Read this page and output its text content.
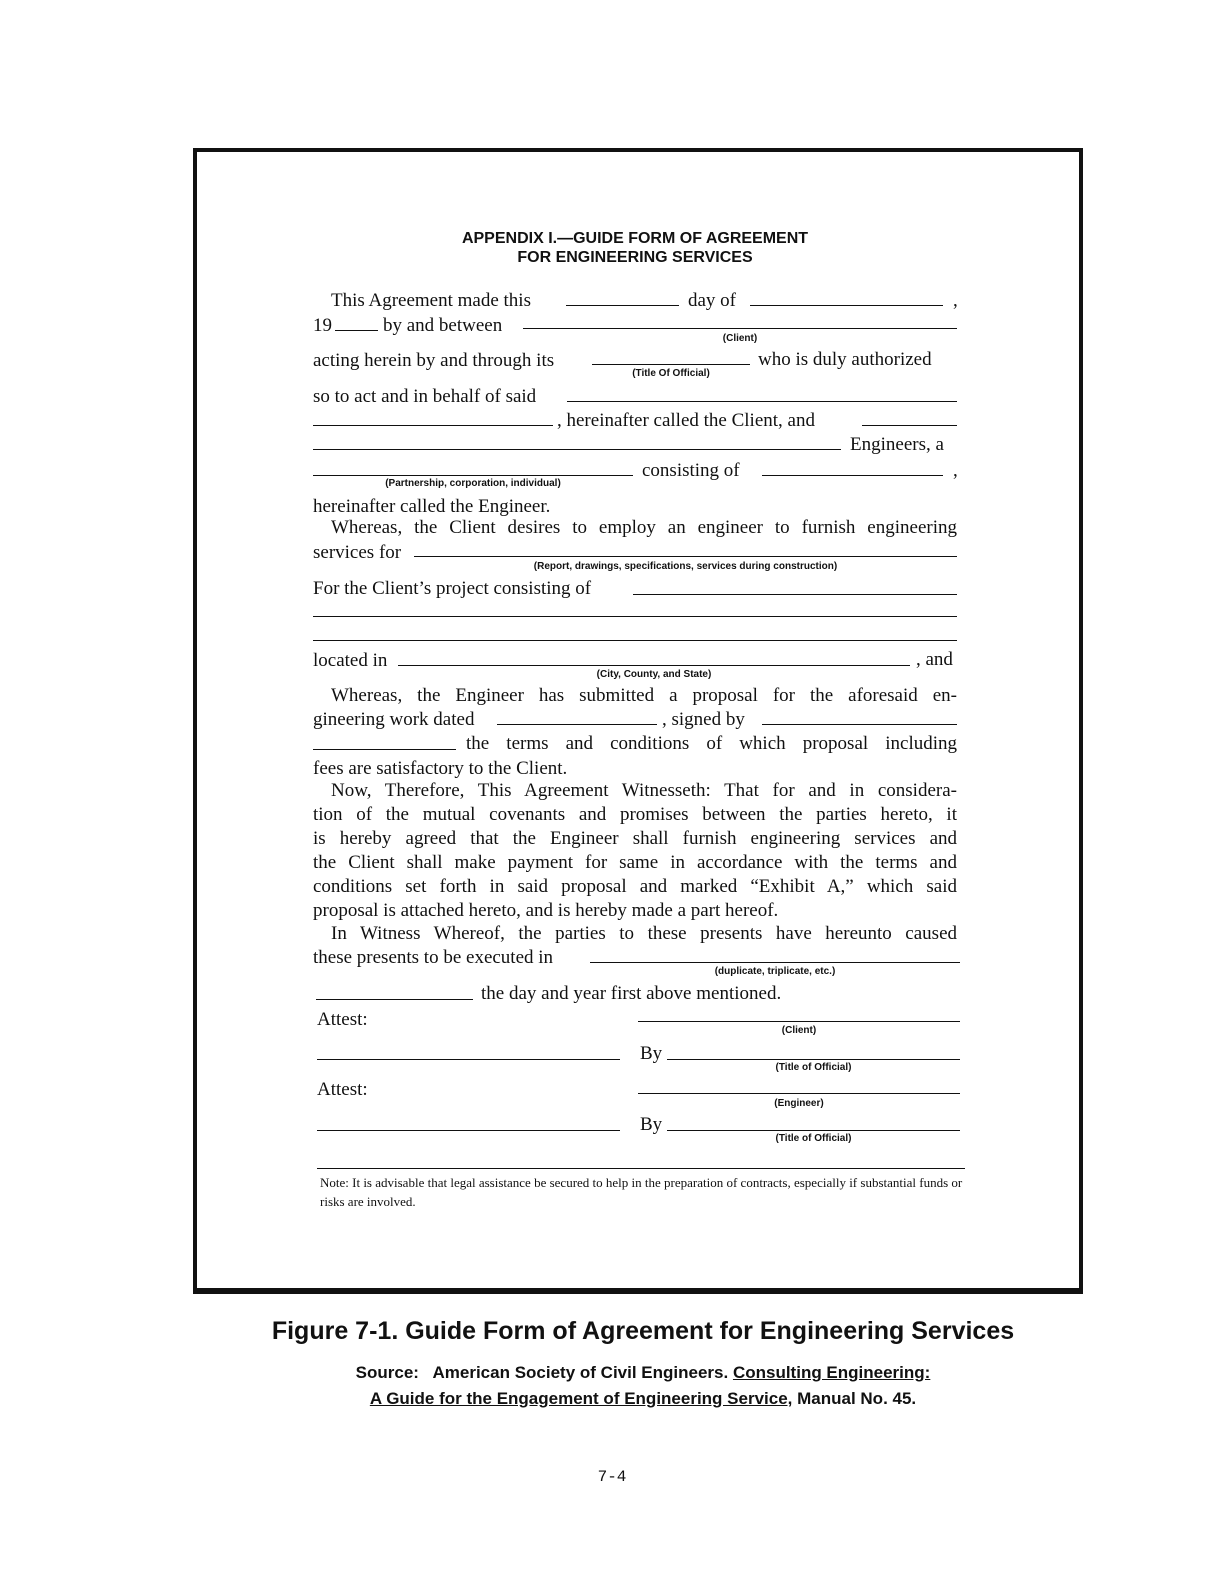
APPENDIX I.—GUIDE FORM OF AGREEMENT
FOR ENGINEERING SERVICES
This Agreement made this	day of	,
19	by and between
(Client)
acting herein by and through its
(Title Of Official)
who is duly authorized
so to act and in behalf of said
, hereinafter called the Client, and
Engineers, a
(Partnership, corporation, individual)
consisting of	,
hereinafter called the Engineer.
Whereas, the Client desires to employ an engineer to furnish engineering
services for
(Report, drawings, specifications, services during construction)
For the Client’s project consisting of
located in
(City, County, and State)
, and
Whereas, the Engineer has submitted a proposal for the aforesaid en-
gineering work dated	, signed by
the terms and conditions of which proposal including
fees are satisfactory to the Client.
Now, Therefore, This Agreement Witnesseth: That for and in considera-
tion of the mutual covenants and promises between the parties hereto, it
is hereby agreed that the Engineer shall furnish engineering services and
the Client shall make payment for same in accordance with the terms and
conditions set forth in said proposal and marked “Exhibit A,” which said
proposal is attached hereto, and is hereby made a part hereof.
In Witness Whereof, the parties to these presents have hereunto caused
these presents to be executed in
(duplicate, triplicate, etc.)
the day and year first above mentioned.
Attest:
(Client)
By
(Title of Official)
Attest:
(Engineer)
By
(Title of Official)
Note: It is advisable that legal assistance be secured to help in the preparation of contracts, especially if substantial funds or risks are involved.
Figure 7-1. Guide Form of Agreement for Engineering Services
Source: American Society of Civil Engineers. Consulting Engineering:
A Guide for the Engagement of Engineering Service, Manual No. 45.
7-4
